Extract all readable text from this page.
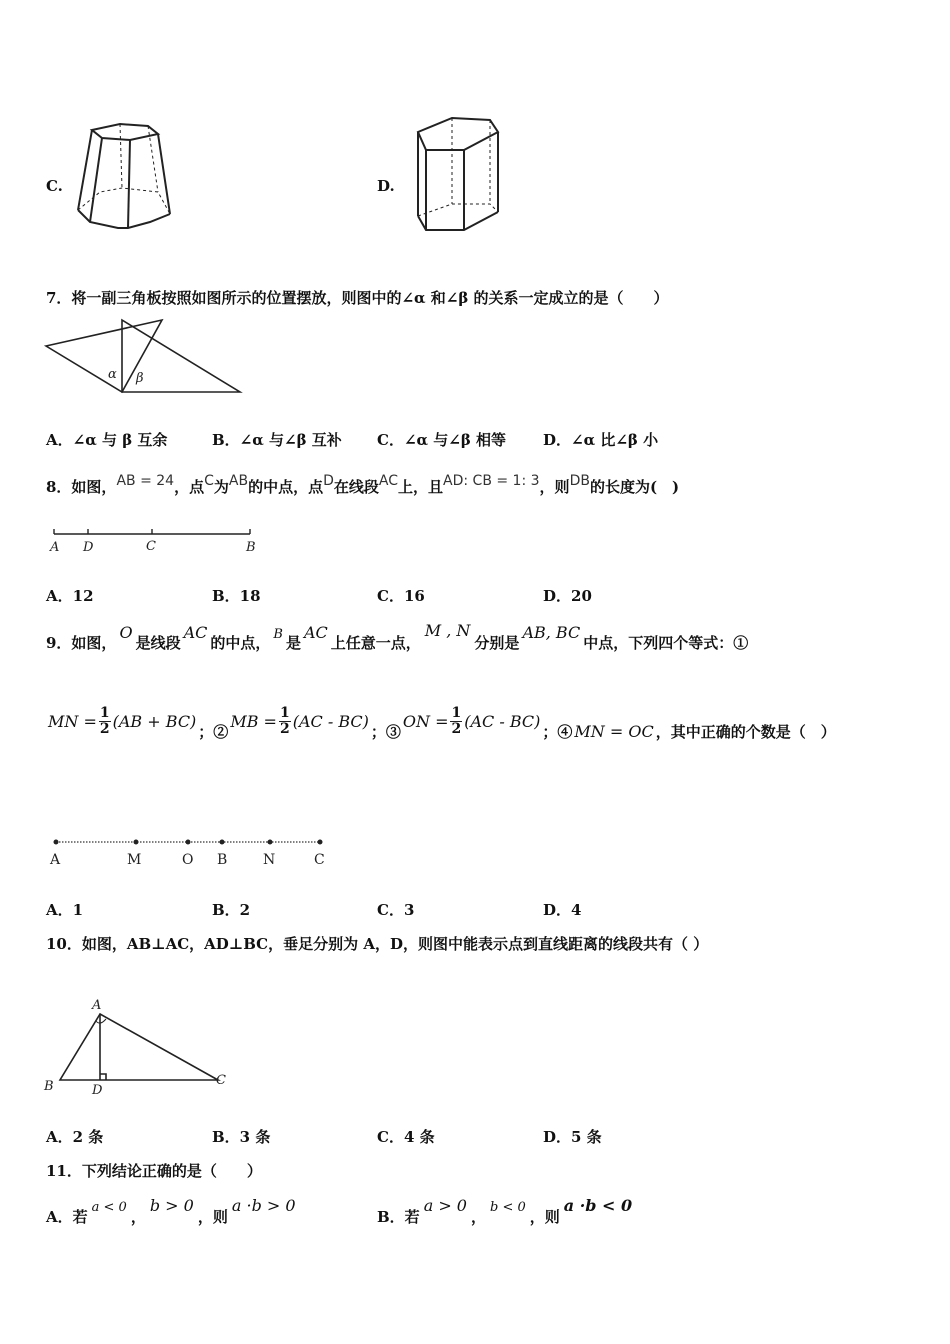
C.	D.
7．将一副三角板按照如图所示的位置摆放，则图中的∠α 和∠β 的关系一定成立的是（　　）
α β
A．∠α 与 β 互余	B．∠α 与∠β 互补 C．∠α 与∠β 相等 D．∠α 比∠β 小
8．如图，AB = 24，点C为AB的中点，点D在线段AC上，且AD: CB = 1: 3，则DB的长度为(　)
A D	C	B
A．12	B．18	C．16	D．20
9．如图，O是线段AC的中点， B 是AC上任意一点，M , N分别是AB, BC中点，下列四个等式：①
MN = $\frac{1}{2} (AB + BC)$
；②
MB = $\frac{1}{2} (AC - BC)$
；③
ON = $\frac{1}{2} (AC - BC)$
；④ MN = OC ，其中正确的个数是（　）
A	M	O B	N	C
A．1	B．2	C．3	D．4
10．如图，AB⊥AC，AD⊥BC，垂足分别为 A，D，则图中能表示点到直线距离的线段共有（ ）
A
B	D
C
A．2 条	B．3 条	C．4 条	D．5 条
11．下列结论正确的是（　　）
A．若a < 0，b > 0，则a ·b > 0
B．若a > 0，b < 0，则a ·b < 0
